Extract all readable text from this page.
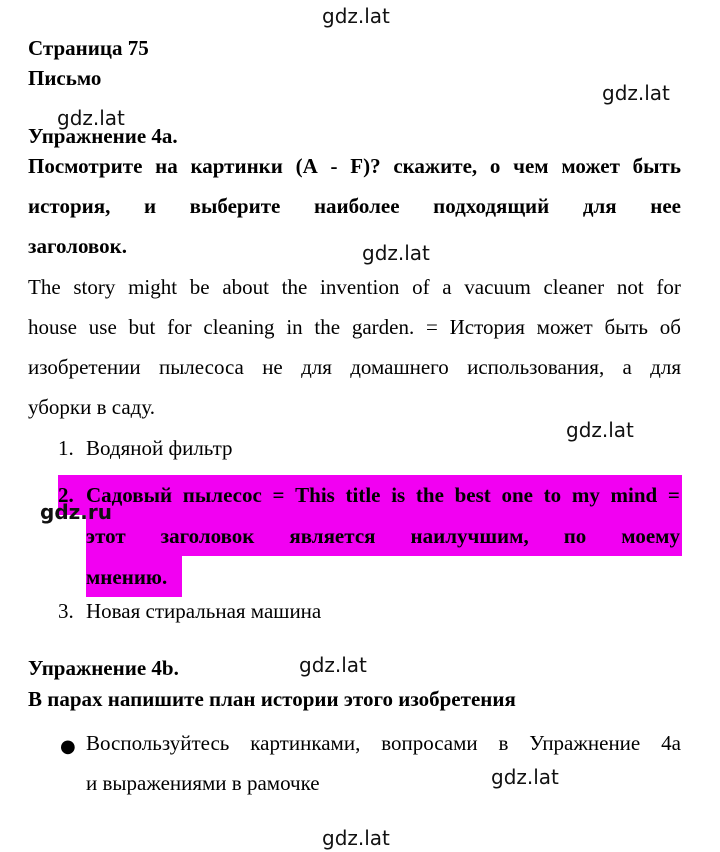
gdz.lat
gdz.lat
gdz.lat
gdz.lat
gdz.lat
gdz.lat
gdz.lat
gdz.lat
Страница 75
Письмо
Упражнение 4a.
Посмотрите на картинки (A - F)? скажите, о чем может быть
история, и выберите наиболее подходящий для нее
заголовок.
The story might be about the invention of a vacuum cleaner not for
house use but for cleaning in the garden. = История может быть об
изобретении пылесоса не для домашнего использования, а для
уборки в саду.
1. Водяной фильтр
2. Садовый пылесос = This title is the best one to my mind =
этот заголовок является наилучшим, по моему
мнению.
gdz.ru
3. Новая стиральная машина
Упражнение 4b.
В парах напишите план истории этого изобретения
● Воспользуйтесь картинками, вопросами в Упражнение 4a
и выражениями в рамочке
